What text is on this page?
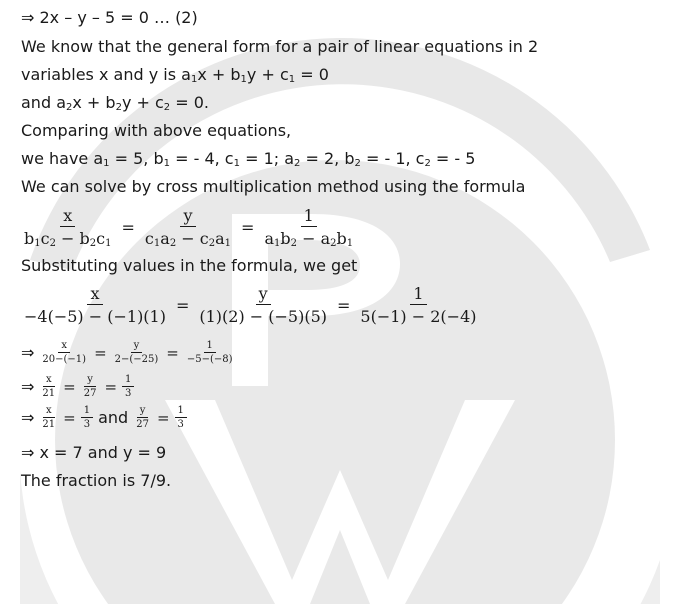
⇒ 2x – y – 5 = 0 … (2)
We know that the general form for a pair of linear equations in 2
variables x and y is $a_1x + b_1y + c_1 = 0$
and $a_2x + b_2y + c_2 = 0$.
Comparing with above equations,
we have $a_1 = 5$, $b_1$ = - 4, $c_1 = 1$; $a_2 = 2$, $b_2$ = - 1, $c_2$ = - 5
We can solve by cross multiplication method using the formula
$\frac{x}{b_1c_2 - b_2c_1} = \frac{y}{c_1a_2 - c_2a_1} = \frac{1}{a_1b_2 - a_2b_1}$
Substituting values in the formula, we get
$\frac{x}{-4(-5) - (-1)(1)} = \frac{y}{(1)(2) - (-5)(5)} = \frac{1}{5(-1) - 2(-4)}$
⇒ $\frac{x}{20-(-1)} = \frac{y}{2-(-25)} = \frac{1}{-5-(-8)}$
⇒ $\frac{x}{21} = \frac{y}{27} = \frac{1}{3}$
⇒ $\frac{x}{21} = \frac{1}{3}$ and $\frac{y}{27} = \frac{1}{3}$
⇒ x = 7 and y = 9
The fraction is 7/9.
